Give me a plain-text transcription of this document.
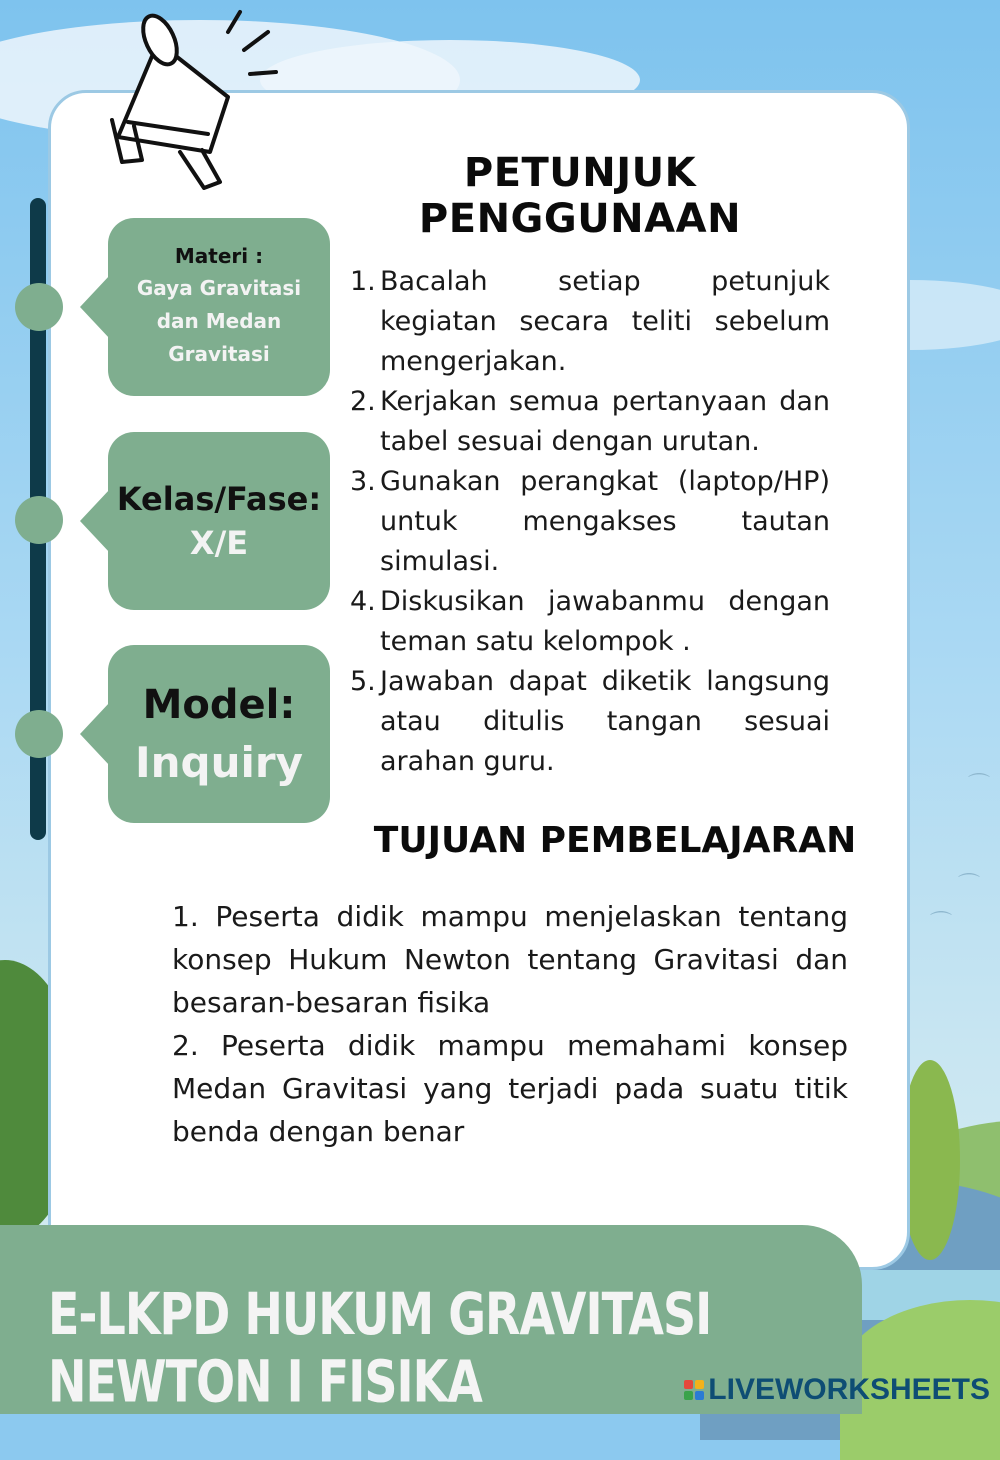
⌒
⌒
⌒
PETUNJUK PENGGUNAAN
Materi :
Gaya Gravitasi dan Medan Gravitasi
Kelas/Fase:
X/E
Model:
Inquiry
1. Bacalah setiap petunjuk kegiatan secara teliti sebelum mengerjakan.
2. Kerjakan semua pertanyaan dan tabel sesuai dengan urutan.
3. Gunakan perangkat (laptop/HP) untuk mengakses tautan simulasi.
4. Diskusikan jawabanmu dengan teman satu kelompok .
5. Jawaban dapat diketik langsung atau ditulis tangan sesuai arahan guru.
TUJUAN PEMBELAJARAN

1. Peserta didik mampu menjelaskan tentang konsep Hukum Newton tentang Gravitasi dan besaran-besaran fisika

2. Peserta didik mampu memahami konsep Medan Gravitasi yang terjadi pada suatu titik benda dengan benar

E-LKPD HUKUM GRAVITASI NEWTON I FISIKA	LIVEWORKSHEETS
